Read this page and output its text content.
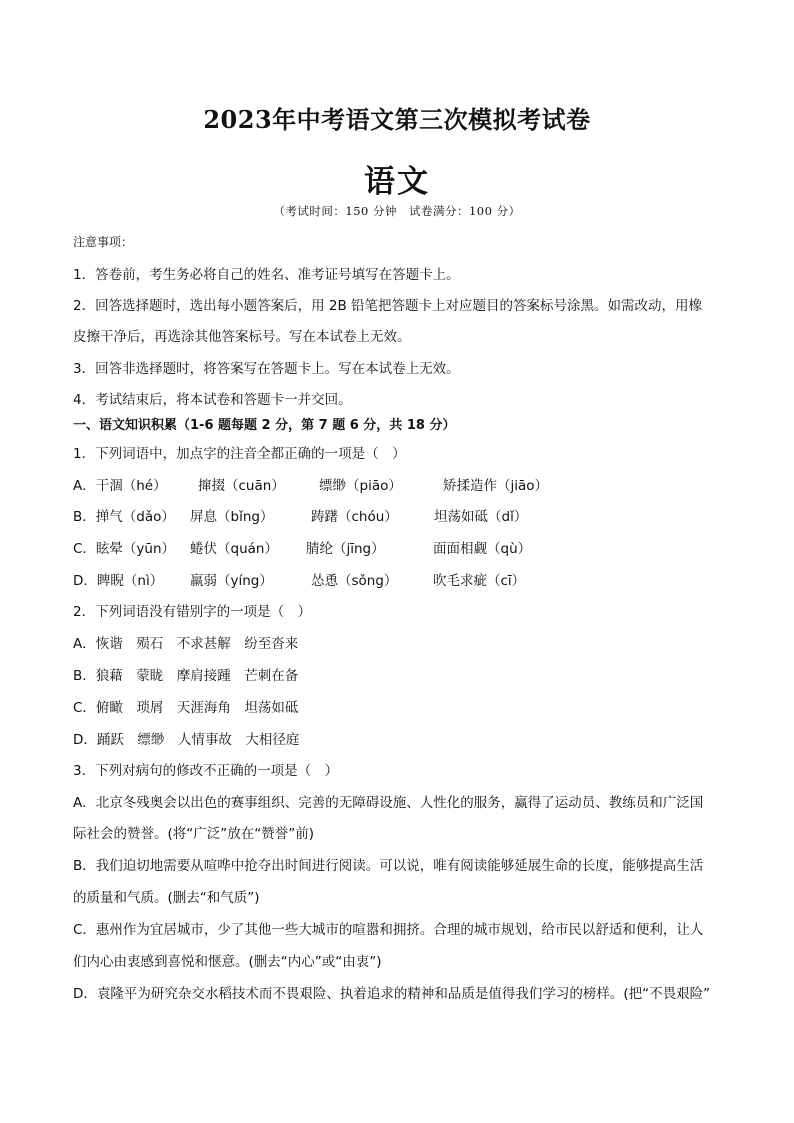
2023年中考语文第三次模拟考试卷
语文
（考试时间：150 分钟　试卷满分：100 分）
注意事项：
1．答卷前，考生务必将自己的姓名、准考证号填写在答题卡上。
2．回答选择题时，选出每小题答案后，用 2B 铅笔把答题卡上对应题目的答案标号涂黑。如需改动，用橡
皮擦干净后，再选涂其他答案标号。写在本试卷上无效。
3．回答非选择题时，将答案写在答题卡上。写在本试卷上无效。
4．考试结束后，将本试卷和答题卡一并交回。
一、语文知识积累（1-6 题每题 2 分，第 7 题 6 分，共 18 分）
1．下列词语中，加点字的注音全都正确的一项是（　）
A．干涸（hé） 撺掇（cuān）	缥缈（piāo）	矫揉造作（jiāo）
B．掸气（dǎo） 屏息（bǐng）	踌躇（chóu）	坦荡如砥（dǐ）
C．眩晕（yūn） 蜷伏（quán） 腈纶（jīng）	面面相觑（qù）
D．睥睨（nì） 羸弱（yíng）	怂恿（sǒng）	吹毛求疵（cī）
2．下列词语没有错别字的一项是（　）
A．恢谐　殒石　不求甚解　纷至沓来
B．狼藉　蒙眬　摩肩接踵　芒刺在备
C．俯瞰　琐屑　天涯海角　坦荡如砥
D．踊跃　缥缈　人情事故　大相径庭
3．下列对病句的修改不正确的一项是（　）
A．北京冬残奥会以出色的赛事组织、完善的无障碍设施、人性化的服务，赢得了运动员、教练员和广泛国
际社会的赞誉。(将“广泛”放在“赞誉”前)
B．我们迫切地需要从喧哗中抢夺出时间进行阅读。可以说，唯有阅读能够延展生命的长度，能够提高生活
的质量和气质。(删去“和气质”)
C．惠州作为宜居城市，少了其他一些大城市的喧嚣和拥挤。合理的城市规划，给市民以舒适和便利，让人
们内心由衷感到喜悦和惬意。(删去“内心”或“由衷”)
D．袁隆平为研究杂交水稻技术而不畏艰险、执着追求的精神和品质是值得我们学习的榜样。(把“不畏艰险”
